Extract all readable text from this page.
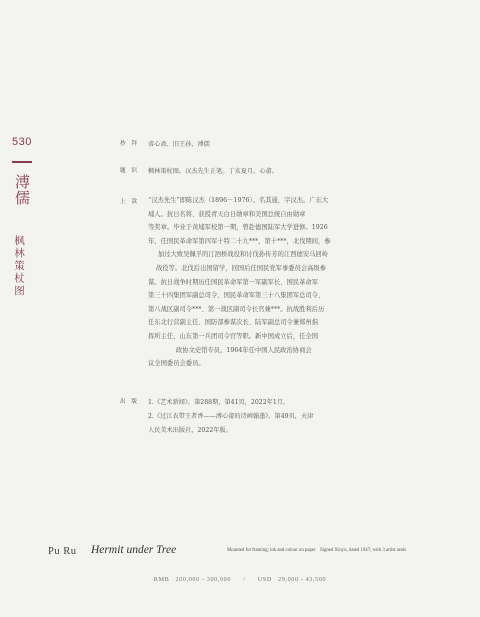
530
溥儒
枫林策杖图
抄 拜 省心斋、旧王孙、溥儒
题 识 枫林策杖图。汉杰先生正笔。丁亥夏月。心畬。
上 款 “汉杰先生”即陈汉杰（1896－1976）。名其通，字汉杰。广东大
埔人。抗日名将、获授青天白日勋章和美国总统自由勋章
等奖章。毕业于黄埔军校第一期，曾赴德国陆军大学进修。1926
年，任国民革命军第四军十特二十九***，第十***，北伐期间，参
加过大败吴佩孚的汀泗桥战役和讨伐孙传芳的江西德安马回岭
战役等。北伐后出国留学，回国后任国民党军事委员会高级参
谋。抗日战争时期历任国民革命军第一军副军长、国民革命军
第三十四集团军副总司令、国民革命军第三十八集团军总司令、
第八战区副司令***、第一战区副司令长官兼***。抗战胜利后历
任东北行营副主任、国防部参谋次长、陆军副总司令兼郑州指
挥所主任、山东第一兵团司令官等职。新中国成立后，任全国
政协文史馆专员，1964年任中国人民政治协商会
议全国委员会委员。
出 版 1.《艺术新闻》，第288期，第41页，2022年1月。
2.《过江衣带王者香——溥心畬的诗画翰墨》，第49页，天津
人民美术出版社，2022年版。
Pu Ru Hermit under Tree	Mounted for framing; ink and colour on paper Signed Xinyu, dated 1947; with 3 artist seals
RMB 200,000 - 300,000 / USD 29,000 - 43,500
